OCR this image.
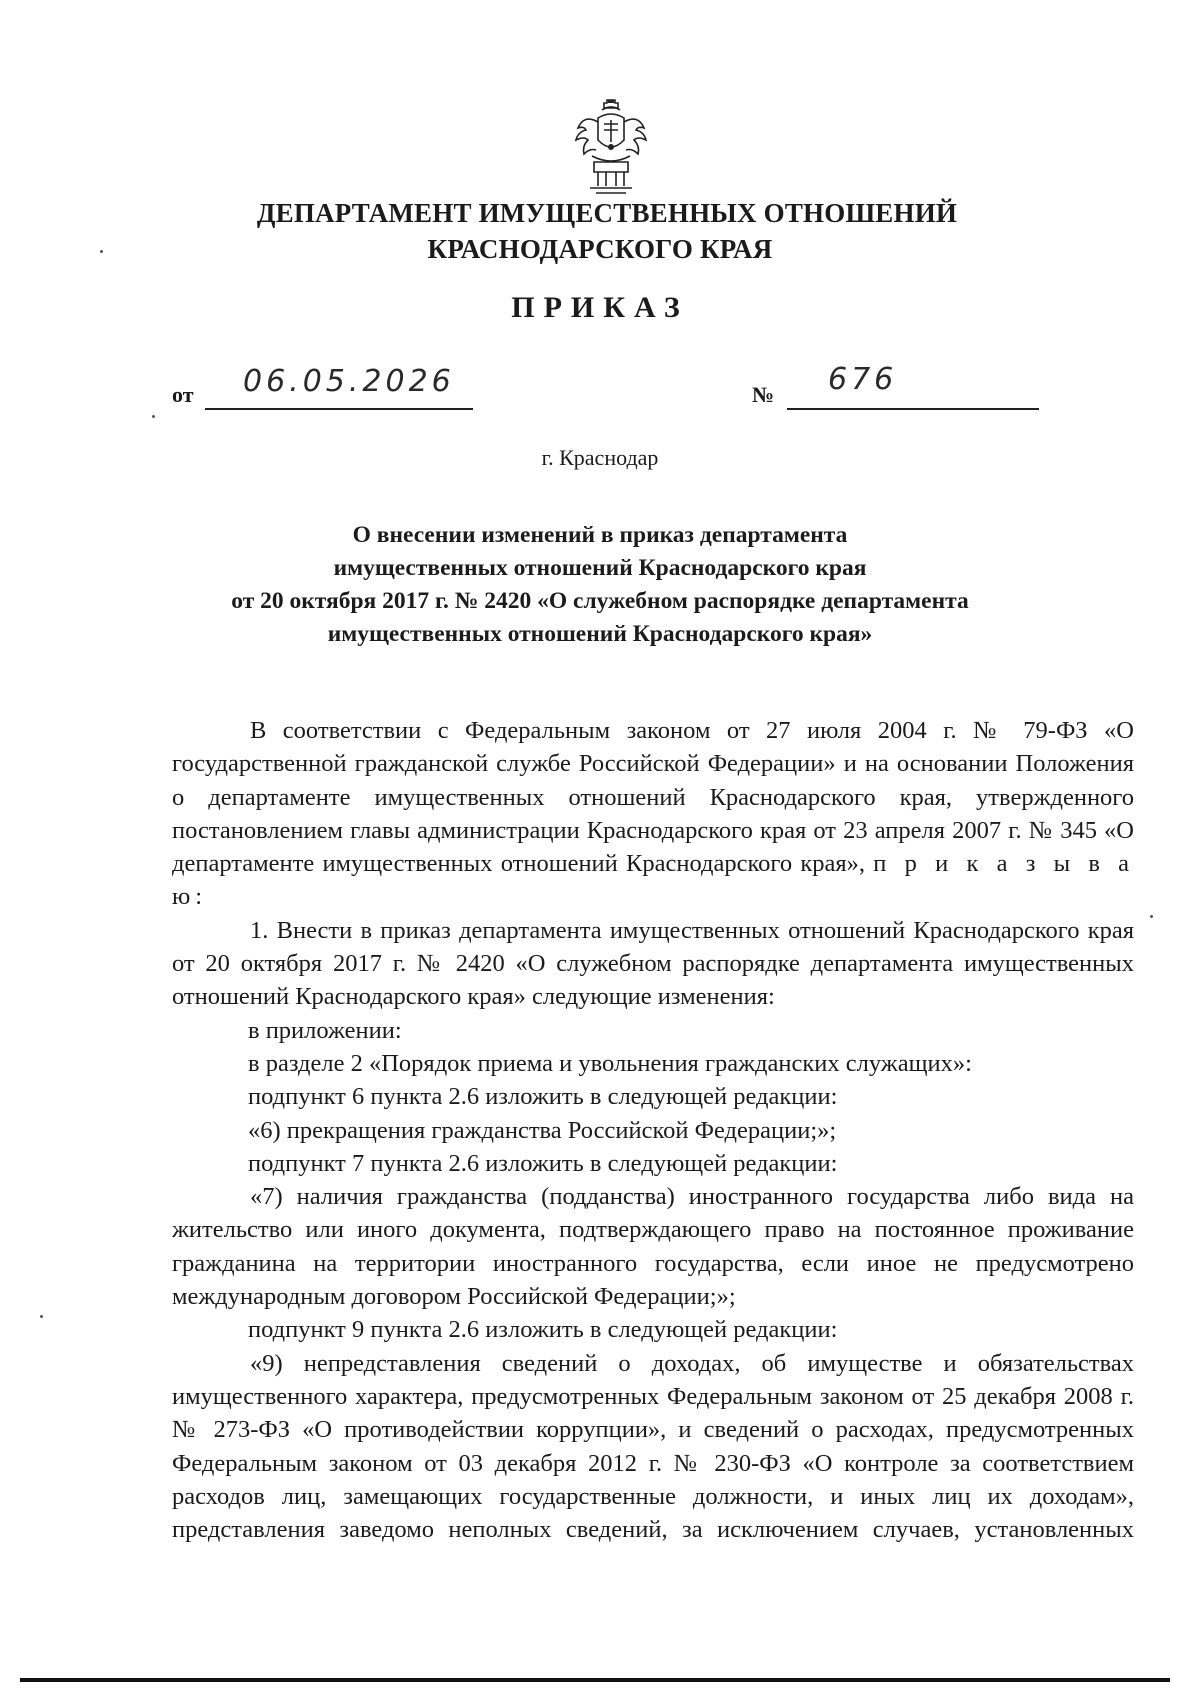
ДЕПАРТАМЕНТ ИМУЩЕСТВЕННЫХ ОТНОШЕНИЙ
КРАСНОДАРСКОГО КРАЯ
ПРИКАЗ
от 06.05.2026	№ 676
г. Краснодар
О внесении изменений в приказ департамента
имущественных отношений Краснодарского края
от 20 октября 2017 г. № 2420 «О служебном распорядке департамента
имущественных отношений Краснодарского края»

В соответствии с Федеральным законом от 27 июля 2004 г. № 79-ФЗ «О государственной гражданской службе Российской Федерации» и на основании Положения о департаменте имущественных отношений Краснодарского края, утвержденного постановлением главы администрации Краснодарского края от 23 апреля 2007 г. № 345 «О департаменте имущественных отношений Краснодарского края», п р и к а з ы в а ю:

1. Внести в приказ департамента имущественных отношений Краснодарского края от 20 октября 2017 г. № 2420 «О служебном распорядке департамента имущественных отношений Краснодарского края» следующие изменения:

в приложении:

в разделе 2 «Порядок приема и увольнения гражданских служащих»:

подпункт 6 пункта 2.6 изложить в следующей редакции:

«6) прекращения гражданства Российской Федерации;»;

подпункт 7 пункта 2.6 изложить в следующей редакции:

«7) наличия гражданства (подданства) иностранного государства либо вида на жительство или иного документа, подтверждающего право на постоянное проживание гражданина на территории иностранного государства, если иное не предусмотрено международным договором Российской Федерации;»;

подпункт 9 пункта 2.6 изложить в следующей редакции:

«9) непредставления сведений о доходах, об имуществе и обязательствах имущественного характера, предусмотренных Федеральным законом от 25 декабря 2008 г. № 273-ФЗ «О противодействии коррупции», и сведений о расходах, предусмотренных Федеральным законом от 03 декабря 2012 г. № 230-ФЗ «О контроле за соответствием расходов лиц, замещающих государственные должности, и иных лиц их доходам», представления заведомо неполных сведений, за исключением случаев, установленных
